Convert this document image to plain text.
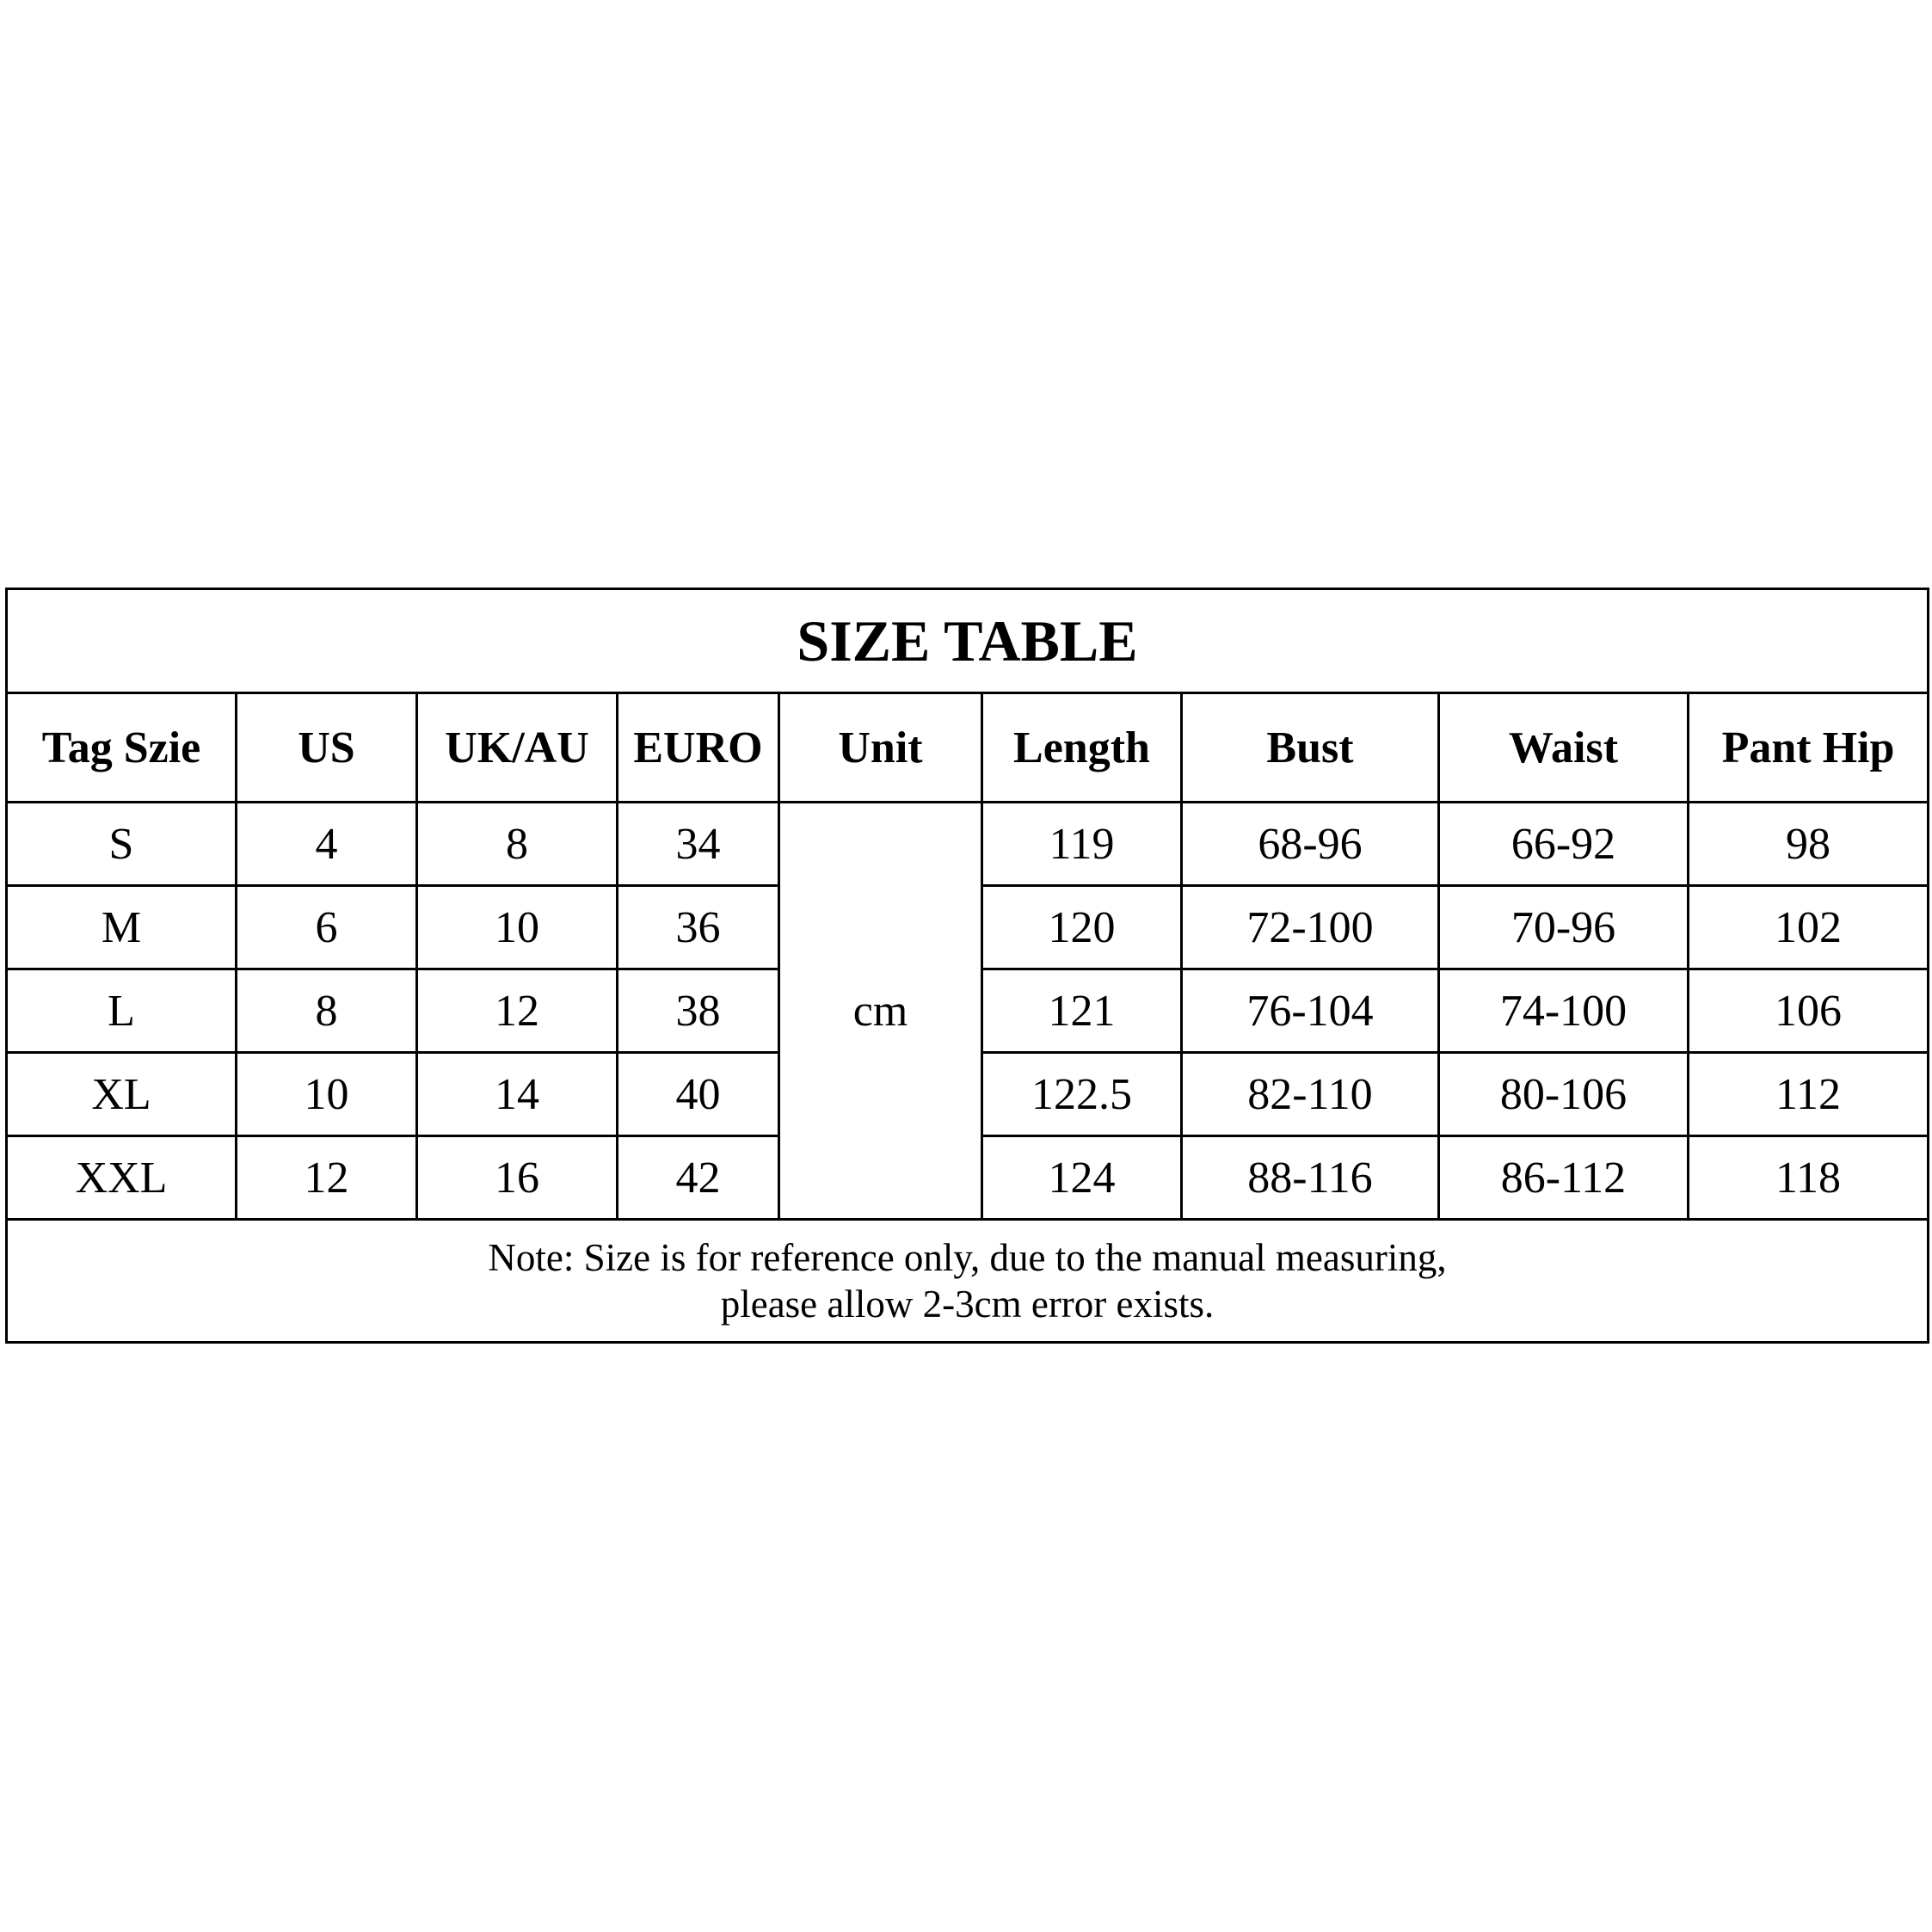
SIZE TABLE								
Tag Szie	US	UK/AU	EURO	Unit	Length	Bust	Waist	Pant Hip
S	4	8	34	cm	119	68-96	66-92	98
M	6	10	36		120	72-100	70-96	102
L	8	12	38		121	76-104	74-100	106
XL	10	14	40		122.5	82-110	80-106	112
XXL	12	16	42		124	88-116	86-112	118

Note: Size is for reference only, due to the manual measuring,
please allow 2-3cm error exists.								
